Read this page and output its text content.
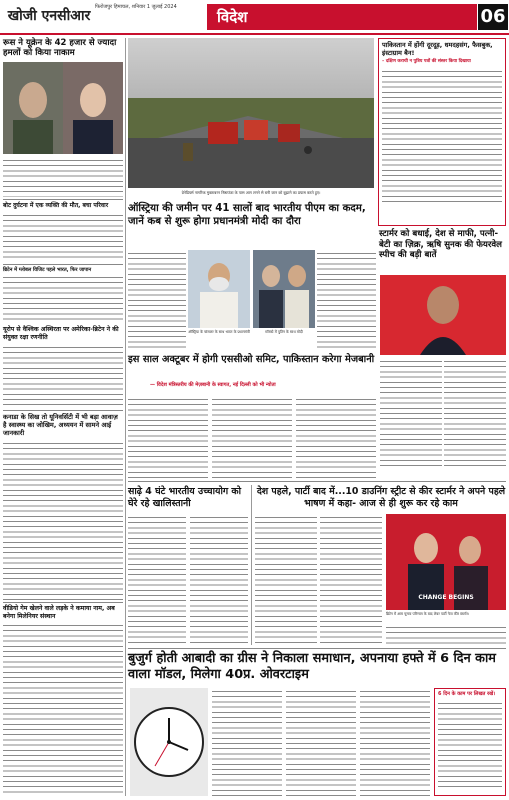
खोजी एनसीआर
फिरोजपुर हिमाचल, शनिवार 1 जुलाई 2024
विदेश	06
रूस ने यूक्रेन के 42 हजार से ज्यादा हमलों को किया नाकाम
बोट दुर्घटना में एक व्यक्ति की मौत, बचा परिवार
ब्रिटेन में ग्लोबल विजिट पहले भारत, फिर जापान
यूरोप से वैश्विक अस्थिरता पर अमेरिका-ब्रिटेन ने की संयुक्त रक्षा रणनीति
कनाडा के सिख तो यूनिवर्सिटी में भी बड़ा आवाज़ है स्वास्थ्य का जोखिम, अध्ययन में सामने आई जानकारी
वीडियो गेम खेलने वाले लड़के ने कमाया नाम, अब बनेगा मिलेनियर संस्थान
ग्रेनेडियर्स नागरिक मुक्ताबरन निष्ठापंजा के पास आग लगने से बनी जान को बुझाने का प्रयास करते हुए।
पाकिस्तान में होंगी दूरदूड़, धमदहसंग, फैसबुक, इंस्टाग्राम बैन!
– दक्षिण कराची न पुत्रिय पत्रों की संस्तर किया दिखाया
ऑस्ट्रिया की जमीन पर 41 सालों बाद भारतीय पीएम का कदम, जानें कब से शुरू होगा प्रधानमंत्री मोदी का दौरा
ऑस्ट्रिया के चांसलर के साथ भारत के प्रधानमंत्री	मॉस्को में पुतिन के साथ मोदी
स्टार्मर को बधाई, देश से माफी, पत्नी-बेटी का ज़िक्र, ऋषि सुनक की फेयरवेल स्पीच की बड़ी बातें
इस साल अक्टूबर में होगी एससीओ समिट, पाकिस्तान करेगा मेजबानी
— विदेश मंत्रिस्तरीय की मेज़बानी के स्वागत, नई दिल्ली को भी न्योता
साढ़े 4 घंटे भारतीय उच्चायोग को घेरे रहे खालिस्तानी
देश पहले, पार्टी बाद में...10 डाउनिंग स्ट्रीट से कीर स्टार्मर ने अपने पहले भाषण में कहा- आज से ही शुरू कर रहे काम
CHANGE BEGINS
ब्रिटेन में आम चुनाव परिणाम के बाद लेबर पार्टी नेता कीर स्टार्मर।
बुजुर्ग होती आबादी का ग्रीस ने निकाला समाधान, अपनाया हफ्ते में 6 दिन काम वाला मॉडल, मिलेगा 40प्र. ओवरटाइम
6 दिन के काम पर लिखत रखें।
